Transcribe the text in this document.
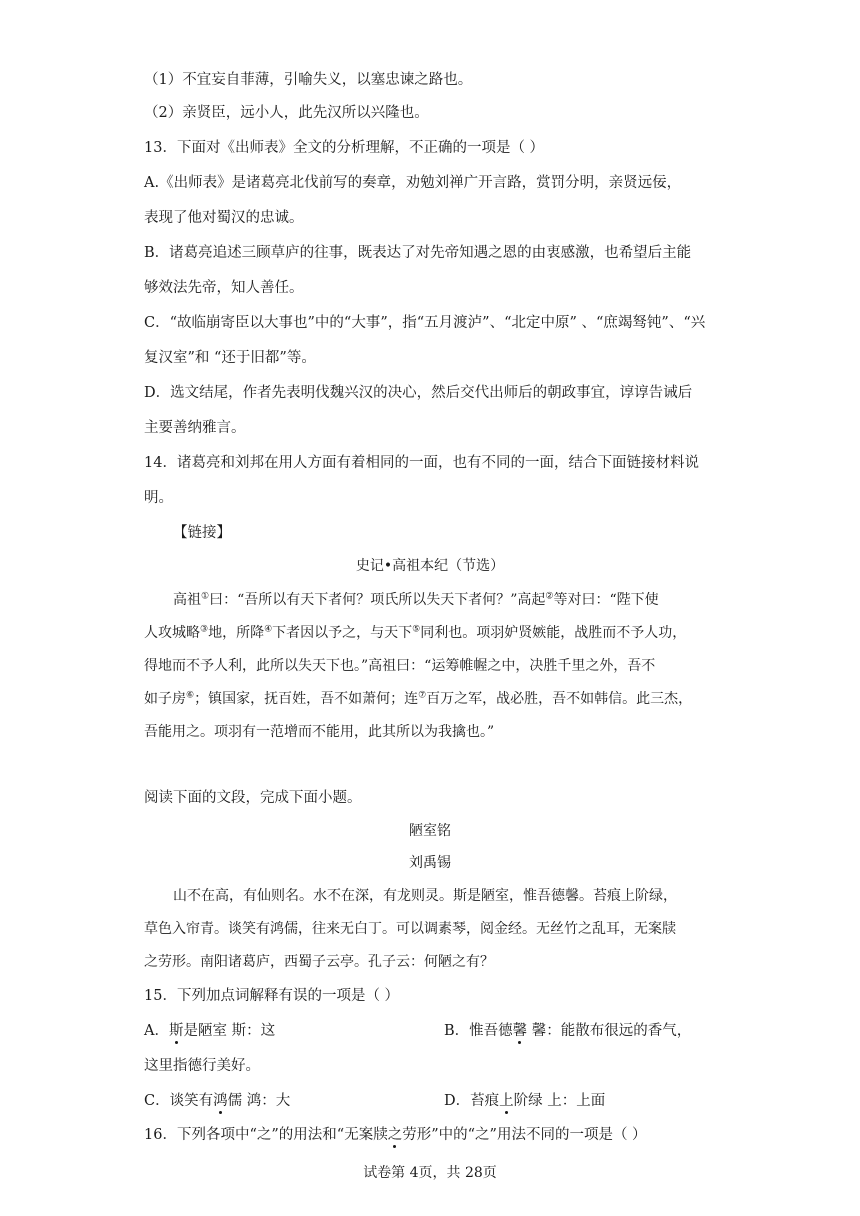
（1）不宜妄自菲薄，引喻失义，以塞忠谏之路也。
（2）亲贤臣，远小人，此先汉所以兴隆也。
13．下面对《出师表》全文的分析理解，不正确的一项是（ ）
A.《出师表》是诸葛亮北伐前写的奏章，劝勉刘禅广开言路，赏罚分明，亲贤远佞，
表现了他对蜀汉的忠诚。
B．诸葛亮追述三顾草庐的往事，既表达了对先帝知遇之恩的由衷感激，也希望后主能
够效法先帝，知人善任。
C．“故临崩寄臣以大事也”中的“大事”，指“五月渡泸”、“北定中原” 、“庶竭驽钝”、“兴
复汉室”和 “还于旧都”等。
D．选文结尾，作者先表明伐魏兴汉的决心，然后交代出师后的朝政事宜，谆谆告诫后
主要善纳雅言。
14．诸葛亮和刘邦在用人方面有着相同的一面，也有不同的一面，结合下面链接材料说
明。
【链接】
史记•高祖本纪（节选）
高祖①曰：“吾所以有天下者何？项氏所以失天下者何？”高起②等对曰：“陛下使
人攻城略③地，所降④下者因以予之，与天下⑤同利也。项羽妒贤嫉能，战胜而不予人功，
得地而不予人利，此所以失天下也。”高祖曰：“运筹帷幄之中，决胜千里之外，吾不
如子房⑥；镇国家，抚百姓，吾不如萧何；连⑦百万之军，战必胜，吾不如韩信。此三杰，
吾能用之。项羽有一范增而不能用，此其所以为我擒也。”
阅读下面的文段，完成下面小题。
陋室铭
刘禹锡
山不在高，有仙则名。水不在深，有龙则灵。斯是陋室，惟吾德馨。苔痕上阶绿，
草色入帘青。谈笑有鸿儒，往来无白丁。可以调素琴，阅金经。无丝竹之乱耳，无案牍
之劳形。南阳诸葛庐，西蜀子云亭。孔子云：何陋之有？
15．下列加点词解释有误的一项是（ ）
A．斯是陋室 斯：这	B．惟吾德馨 馨：能散布很远的香气，
这里指德行美好。
C．谈笑有鸿儒 鸿：大	D．苔痕上阶绿 上：上面
16．下列各项中“之”的用法和“无案牍之劳形”中的“之”用法不同的一项是（ ）
试卷第 4页，共 28页
